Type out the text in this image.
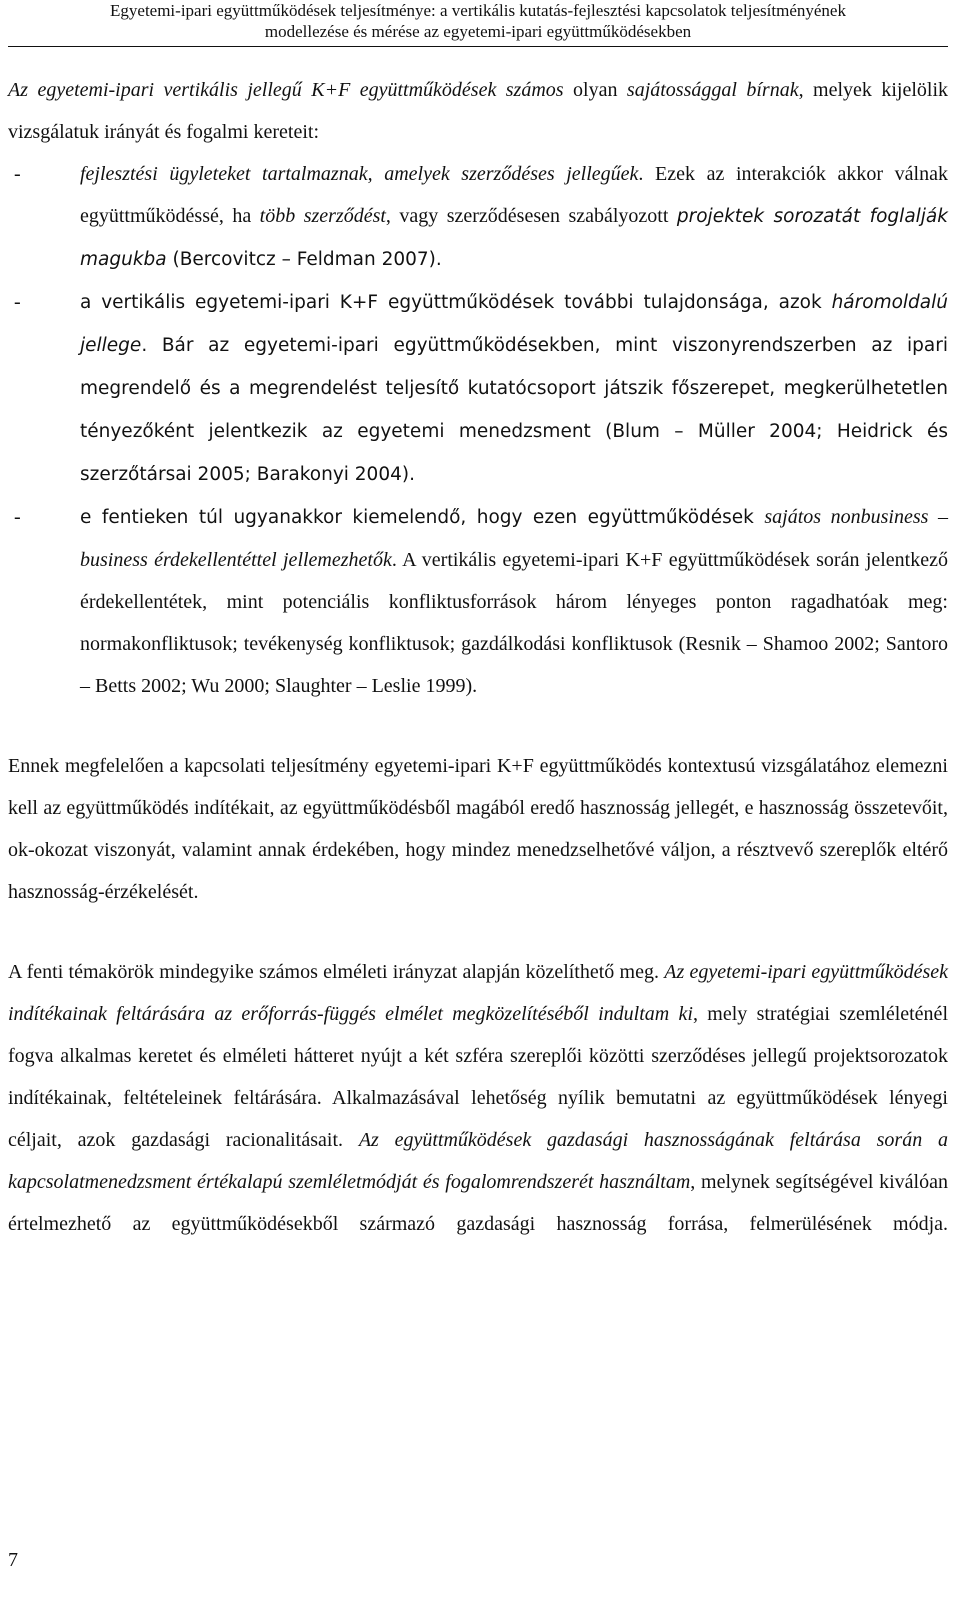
Egyetemi-ipari együttműködések teljesítménye: a vertikális kutatás-fejlesztési kapcsolatok teljesítményének
modellezése és mérése az egyetemi-ipari együttműködésekben

Az egyetemi-ipari vertikális jellegű K+F együttműködések számos olyan sajátossággal bírnak, melyek kijelölik vizsgálatuk irányát és fogalmi kereteit:

-	fejlesztési ügyleteket tartalmaznak, amelyek szerződéses jellegűek. Ezek az interakciók akkor válnak együttműködéssé, ha több szerződést, vagy szerződésesen szabályozott projektek sorozatát foglalják magukba (Bercovitcz – Feldman 2007).
-	a vertikális egyetemi-ipari K+F együttműködések további tulajdonsága, azok háromoldalú jellege. Bár az egyetemi-ipari együttműködésekben, mint viszonyrendszerben az ipari megrendelő és a megrendelést teljesítő kutatócsoport játszik főszerepet, megkerülhetetlen tényezőként jelentkezik az egyetemi menedzsment (Blum – Müller 2004; Heidrick és szerzőtársai 2005; Barakonyi 2004).
-	e fentieken túl ugyanakkor kiemelendő, hogy ezen együttműködések sajátos nonbusiness – business érdekellentéttel jellemezhetők. A vertikális egyetemi-ipari K+F együttműködések során jelentkező érdekellentétek, mint potenciális konfliktusforrások három lényeges ponton ragadhatóak meg: normakonfliktusok; tevékenység konfliktusok; gazdálkodási konfliktusok (Resnik – Shamoo 2002; Santoro – Betts 2002; Wu 2000; Slaughter – Leslie 1999).

Ennek megfelelően a kapcsolati teljesítmény egyetemi-ipari K+F együttműködés kontextusú vizsgálatához elemezni kell az együttműködés indítékait, az együttműködésből magából eredő hasznosság jellegét, e hasznosság összetevőit, ok-okozat viszonyát, valamint annak érdekében, hogy mindez menedzselhetővé váljon, a résztvevő szereplők eltérő hasznosság-érzékelését.

A fenti témakörök mindegyike számos elméleti irányzat alapján közelíthető meg. Az egyetemi-ipari együttműködések indítékainak feltárására az erőforrás-függés elmélet megközelítéséből indultam ki, mely stratégiai szemléleténél fogva alkalmas keretet és elméleti hátteret nyújt a két szféra szereplői közötti szerződéses jellegű projektsorozatok indítékainak, feltételeinek feltárására. Alkalmazásával lehetőség nyílik bemutatni az együttműködések lényegi céljait, azok gazdasági racionalitásait. Az együttműködések gazdasági hasznosságának feltárása során a kapcsolatmenedzsment értékalapú szemléletmódját és fogalomrendszerét használtam, melynek segítségével kiválóan értelmezhető az együttműködésekből származó gazdasági hasznosság forrása, felmerülésének módja.

7
